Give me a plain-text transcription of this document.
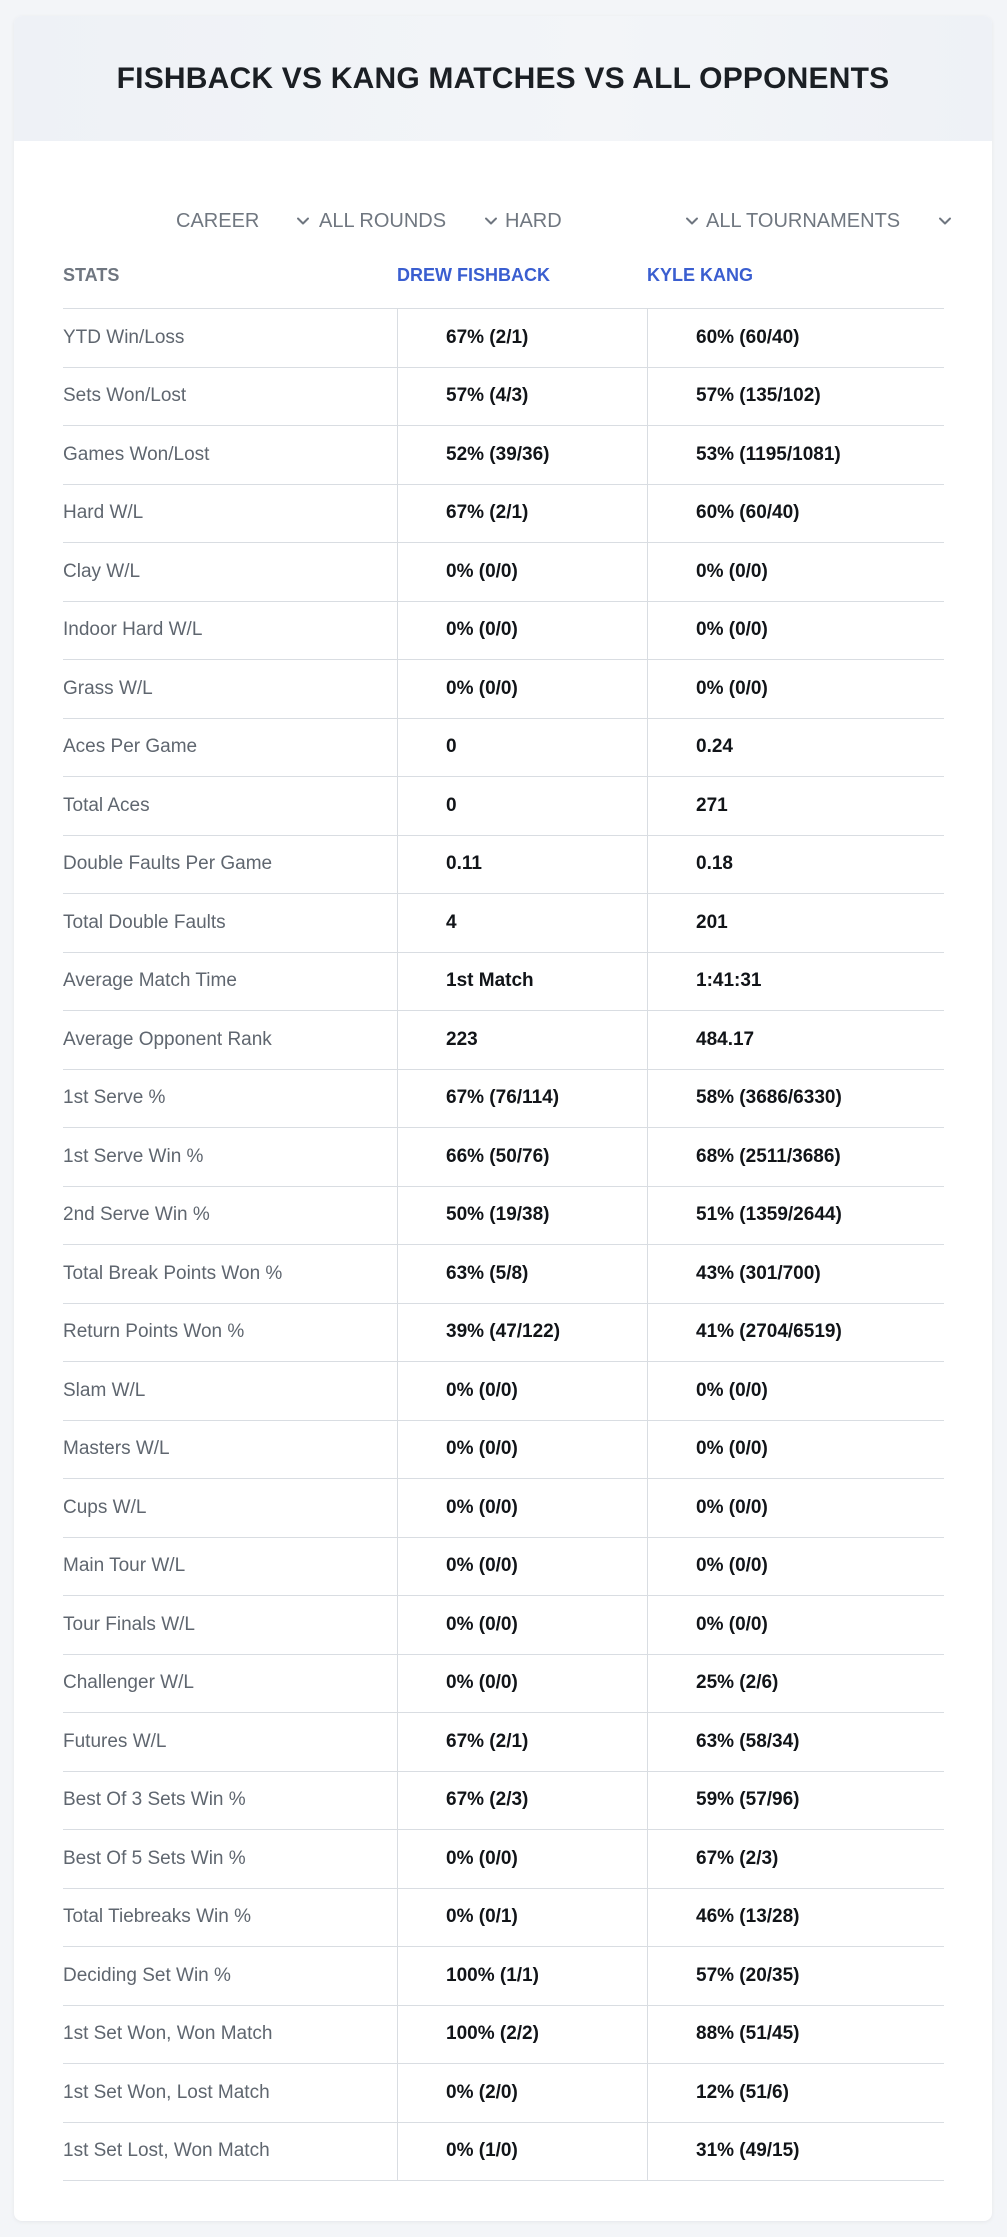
FISHBACK VS KANG MATCHES VS ALL OPPONENTS
CAREER	ALL ROUNDS	HARD	ALL TOURNAMENTS
STATS	DREW FISHBACK	KYLE KANG
YTD Win/Loss	67% (2/1)	60% (60/40)
Sets Won/Lost	57% (4/3)	57% (135/102)
Games Won/Lost	52% (39/36)	53% (1195/1081)
Hard W/L	67% (2/1)	60% (60/40)
Clay W/L	0% (0/0)	0% (0/0)
Indoor Hard W/L	0% (0/0)	0% (0/0)
Grass W/L	0% (0/0)	0% (0/0)
Aces Per Game	0	0.24
Total Aces	0	271
Double Faults Per Game	0.11	0.18
Total Double Faults	4	201
Average Match Time	1st Match	1:41:31
Average Opponent Rank	223	484.17
1st Serve %	67% (76/114)	58% (3686/6330)
1st Serve Win %	66% (50/76)	68% (2511/3686)
2nd Serve Win %	50% (19/38)	51% (1359/2644)
Total Break Points Won %	63% (5/8)	43% (301/700)
Return Points Won %	39% (47/122)	41% (2704/6519)
Slam W/L	0% (0/0)	0% (0/0)
Masters W/L	0% (0/0)	0% (0/0)
Cups W/L	0% (0/0)	0% (0/0)
Main Tour W/L	0% (0/0)	0% (0/0)
Tour Finals W/L	0% (0/0)	0% (0/0)
Challenger W/L	0% (0/0)	25% (2/6)
Futures W/L	67% (2/1)	63% (58/34)
Best Of 3 Sets Win %	67% (2/3)	59% (57/96)
Best Of 5 Sets Win %	0% (0/0)	67% (2/3)
Total Tiebreaks Win %	0% (0/1)	46% (13/28)
Deciding Set Win %	100% (1/1)	57% (20/35)
1st Set Won, Won Match	100% (2/2)	88% (51/45)
1st Set Won, Lost Match	0% (2/0)	12% (51/6)
1st Set Lost, Won Match	0% (1/0)	31% (49/15)
